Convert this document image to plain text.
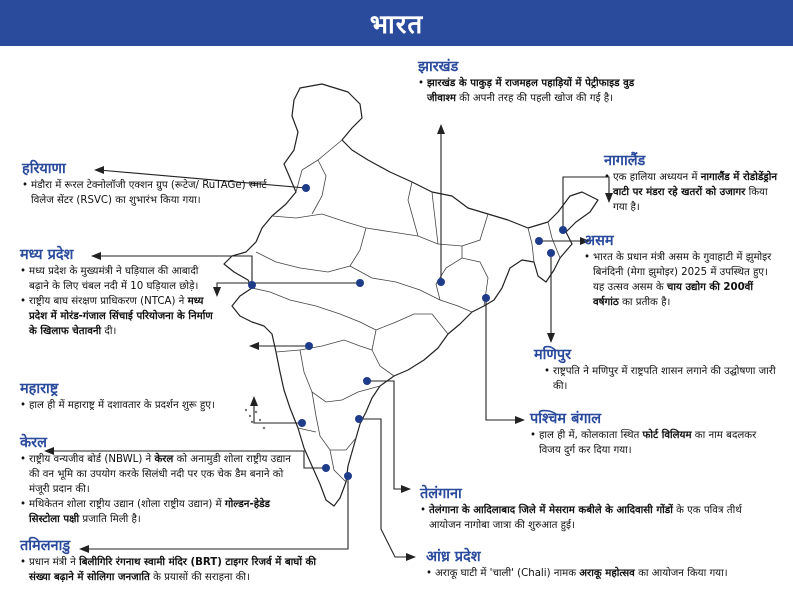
भारत
झारखंड

• झारखंड के पाकुड़ में राजमहल पहाड़ियों में पेट्रीफाइड वुड जीवाश्म की अपनी तरह की पहली खोज की गई है।

हरियाणा

• मंडौरा में रूरल टेक्नोलॉजी एक्शन ग्रुप (रूटेज/ RuTAGe) स्मार्ट विलेज सेंटर (RSVC) का शुभारंभ किया गया।

मध्य प्रदेश

• मध्य प्रदेश के मुख्यमंत्री ने घड़ियाल की आबादी बढ़ाने के लिए चंबल नदी में 10 घड़ियाल छोड़े।

• राष्ट्रीय बाघ संरक्षण प्राधिकरण (NTCA) ने मध्य प्रदेश में मोरंड-गंजाल सिंचाई परियोजना के निर्माण के खिलाफ चेतावनी दी।

महाराष्ट्र

• हाल ही में महाराष्ट्र में दशावतार के प्रदर्शन शुरू हुए।

केरल

• राष्ट्रीय वन्यजीव बोर्ड (NBWL) ने केरल को अनामुडी शोला राष्ट्रीय उद्यान की वन भूमि का उपयोग करके सिलंधी नदी पर एक चेक डैम बनाने को मंजूरी प्रदान की।

• मथिकेतन शोला राष्ट्रीय उद्यान (शोला राष्ट्रीय उद्यान) में गोल्डन-हेडेड सिस्टोला पक्षी प्रजाति मिली है।

तमिलनाडु

• प्रधान मंत्री ने बिलीगिरि रंगनाथ स्वामी मंदिर (BRT) टाइगर रिजर्व में बाघों की संख्या बढ़ाने में सोलिगा जनजाति के प्रयासों की सराहना की।

नागालैंड

• एक हालिया अध्ययन में नागालैंड में रोडोडेंड्रोन वाटी पर मंडरा रहे खतरों को उजागर किया गया है।

असम

• भारत के प्रधान मंत्री असम के गुवाहाटी में झुमोइर बिनंदिनी (मेगा झुमोइर) 2025 में उपस्थित हुए। यह उत्सव असम के चाय उद्योग की 200वीं वर्षगांठ का प्रतीक है।

मणिपुर

• राष्ट्रपति ने मणिपुर में राष्ट्रपति शासन लगाने की उद्घोषणा जारी की।

पश्चिम बंगाल

• हाल ही में, कोलकाता स्थित फोर्ट विलियम का नाम बदलकर विजय दुर्ग कर दिया गया।

तेलंगाना

• तेलंगाना के आदिलाबाद जिले में मेसराम कबीले के आदिवासी गोंडों के एक पवित्र तीर्थ आयोजन नागोबा जात्रा की शुरुआत हुई।

आंध्र प्रदेश

• अराकू घाटी में 'चाली' (Chali) नामक अराकू महोत्सव का आयोजन किया गया।
